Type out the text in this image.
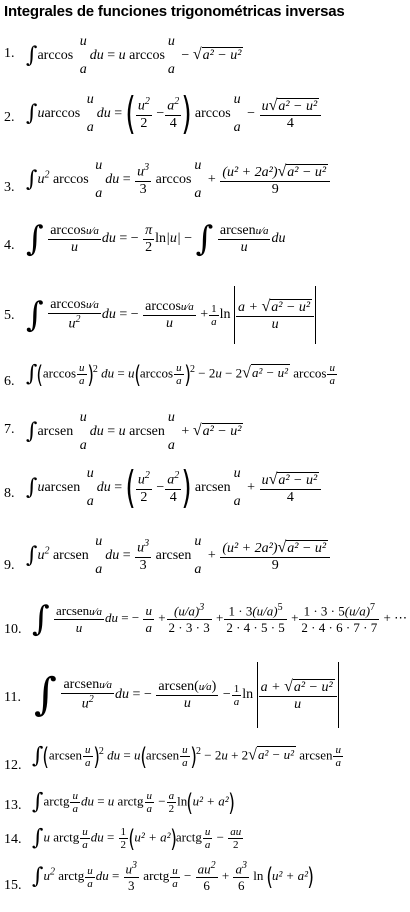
Integrales de funciones trigonométricas inversas
1. ∫arccos
u
a
du = u arccos
u
a
− √a² − u²
2. ∫uarccos
u
a
du = ( $\frac{u^2}{2} - \frac{a^2}{4}$ ) arccos
u
a
− $\frac{\text{u√a² − u²}}{4}$
3. $\int u^2$ arccos
u
a
du = $\frac{u^3}{3}$ arccos
u
a
+ $\frac{\text{(u² + 2a²)√a² − u²}}{9}$
4. ∫ $\frac{\arccos u⁄a}{u}$ du = − $\frac{\pi}{2} \ln|u|$ − ∫ $\frac{\text{arcsenu⁄a}}{u}$ du
5. ∫ $\frac{\arccos u⁄a}{u^2}$ du = − $\frac{\arccos u⁄a}{u} + \frac{1}{a}$ $\ln \frac{\text{a + √a² − u²}}{u}$
6. $\int(\arccos \frac{u}{a} )^2$ du = $u(\arccos \frac{u}{a} )^2 - 2u - 2√a^2 - u^2$ $\arccos \frac{u}{a}$
7. ∫arcsen
u
a
du = u arcsen
u
a
+ √a² − u²
8. ∫uarcsen
u
a
du = ( $\frac{u^2}{2} - \frac{a^2}{4}$ ) arcsen
u
a
+ $\frac{\text{u√a² − u²}}{4}$
9. $\int u^2$ arcsen
u
a
du = $\frac{u^3}{3}$ arcsen
u
a
+ $\frac{\text{(u² + 2a²)√a² − u²}}{9}$
10. ∫ $\frac{\text{arcsenu⁄a}}{u}$ du = − $\frac{u}{a} + \frac{(u/a)^3}{2 \cdot 3 \cdot 3} + \frac{1 \cdot 3(u/a)^5}{2 \cdot 4 \cdot 5 \cdot 5} + \frac{1 \cdot 3 \cdot 5(u/a)^7}{2 \cdot 4 \cdot 6 \cdot 7 \cdot 7}$ + ⋯
11. ∫ $\frac{\text{arcsenu⁄a}}{u^2}$ du = − $\frac{\text{arcsen(u⁄a)}}{u} - \frac{1}{a}$ $\ln \frac{\text{a + √a² − u²}}{u}$
12. ∫(arcsen $\frac{u}{a} )^2$ du = u(arcsen $\frac{u}{a} )^2 - 2u + 2√a^2 - u^2$ arcsen $\frac{u}{a}$
13. ∫arctg $\frac{u}{a}$ du = u arctg $\frac{u}{a} - \frac{a}{2} \ln(u^2 + a^2)$
14. ∫u arctg $\frac{u}{a}$ du = $\frac{1}{2} (u^2$ + a²)arctg $\frac{u}{a} - \frac{au}{2}$
15. $\int u^2$ arctg $\frac{u}{a}$ du = $\frac{u^3}{3}$ arctg $\frac{u}{a} - \frac{au^2}{6} + \frac{a^3}{6}$ ln (u² + a²)
